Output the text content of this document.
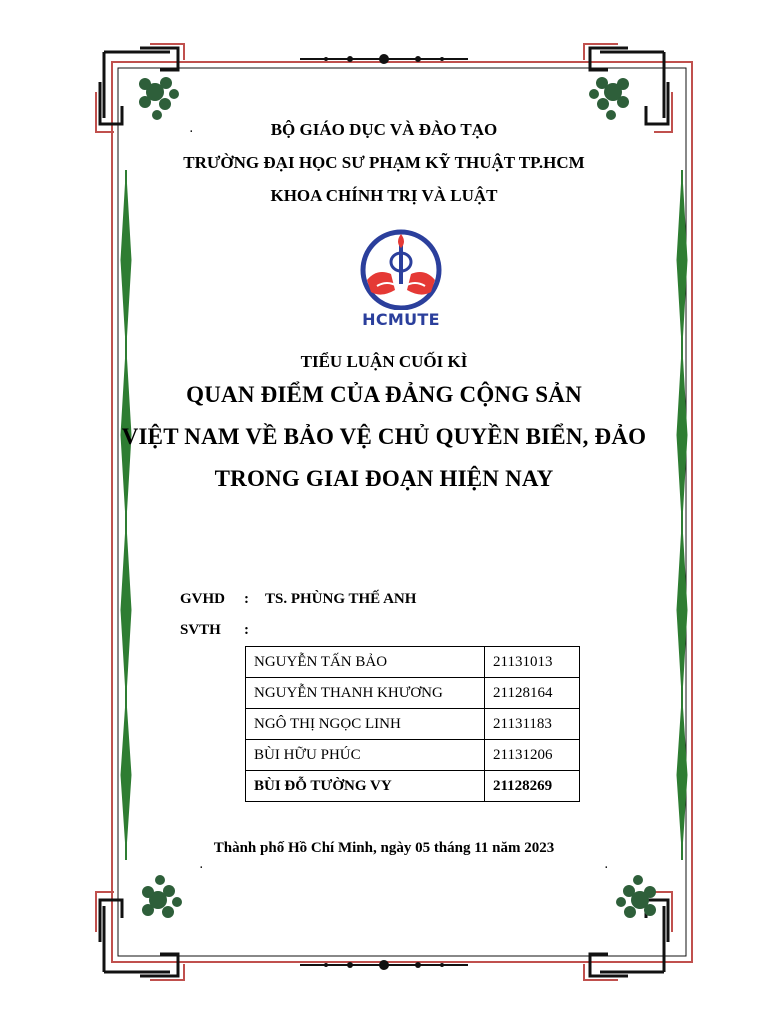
.
.	.
BỘ GIÁO DỤC VÀ ĐÀO TẠO
TRƯỜNG ĐẠI HỌC SƯ PHẠM KỸ THUẬT TP.HCM
KHOA CHÍNH TRỊ VÀ LUẬT
HCMUTE
TIỂU LUẬN CUỐI KÌ
QUAN ĐIỂM CỦA ĐẢNG CỘNG SẢN
VIỆT NAM VỀ BẢO VỆ CHỦ QUYỀN BIỂN, ĐẢO
TRONG GIAI ĐOẠN HIỆN NAY
GVHD : TS. PHÙNG THẾ ANH
SVTH :
NGUYỄN TẤN BẢO	21131013
NGUYỄN THANH KHƯƠNG	21128164
NGÔ THỊ NGỌC LINH	21131183
BÙI HỮU PHÚC	21131206
BÙI ĐỖ TƯỜNG VY	21128269
Thành phố Hồ Chí Minh, ngày 05 tháng 11 năm 2023
